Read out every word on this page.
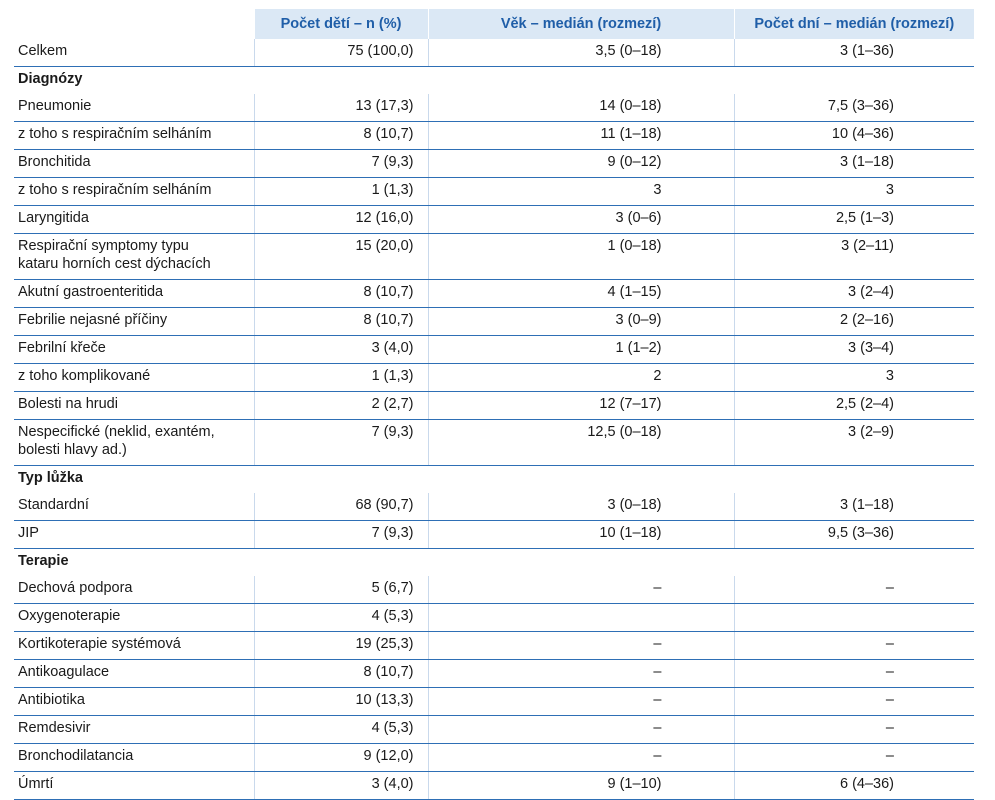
	Počet dětí – n (%)	Věk – medián (rozmezí)	Počet dní – medián (rozmezí)
Celkem	75 (100,0)	3,5 (0–18)	3 (1–36)
Diagnózy			
Pneumonie	13 (17,3)	14 (0–18)	7,5 (3–36)
z toho s respiračním selháním	8 (10,7)	11 (1–18)	10 (4–36)
Bronchitida	7 (9,3)	9 (0–12)	3 (1–18)
z toho s respiračním selháním	1 (1,3)	3	3
Laryngitida	12 (16,0)	3 (0–6)	2,5 (1–3)

Respirační symptomy typu
kataru horních cest dýchacích	15 (20,0)	1 (0–18)	3 (2–11)
Akutní gastroenteritida	8 (10,7)	4 (1–15)	3 (2–4)
Febrilie nejasné příčiny	8 (10,7)	3 (0–9)	2 (2–16)
Febrilní křeče	3 (4,0)	1 (1–2)	3 (3–4)
z toho komplikované	1 (1,3)	2	3
Bolesti na hrudi	2 (2,7)	12 (7–17)	2,5 (2–4)

Nespecifické (neklid, exantém,
bolesti hlavy ad.)	7 (9,3)	12,5 (0–18)	3 (2–9)
Typ lůžka			
Standardní	68 (90,7)	3 (0–18)	3 (1–18)
JIP	7 (9,3)	10 (1–18)	9,5 (3–36)
Terapie			
Dechová podpora	5 (6,7)	–	–
Oxygenoterapie	4 (5,3)		
Kortikoterapie systémová	19 (25,3)	–	–
Antikoagulace	8 (10,7)	–	–
Antibiotika	10 (13,3)	–	–
Remdesivir	4 (5,3)	–	–
Bronchodilatancia	9 (12,0)	–	–
Úmrtí	3 (4,0)	9 (1–10)	6 (4–36)
